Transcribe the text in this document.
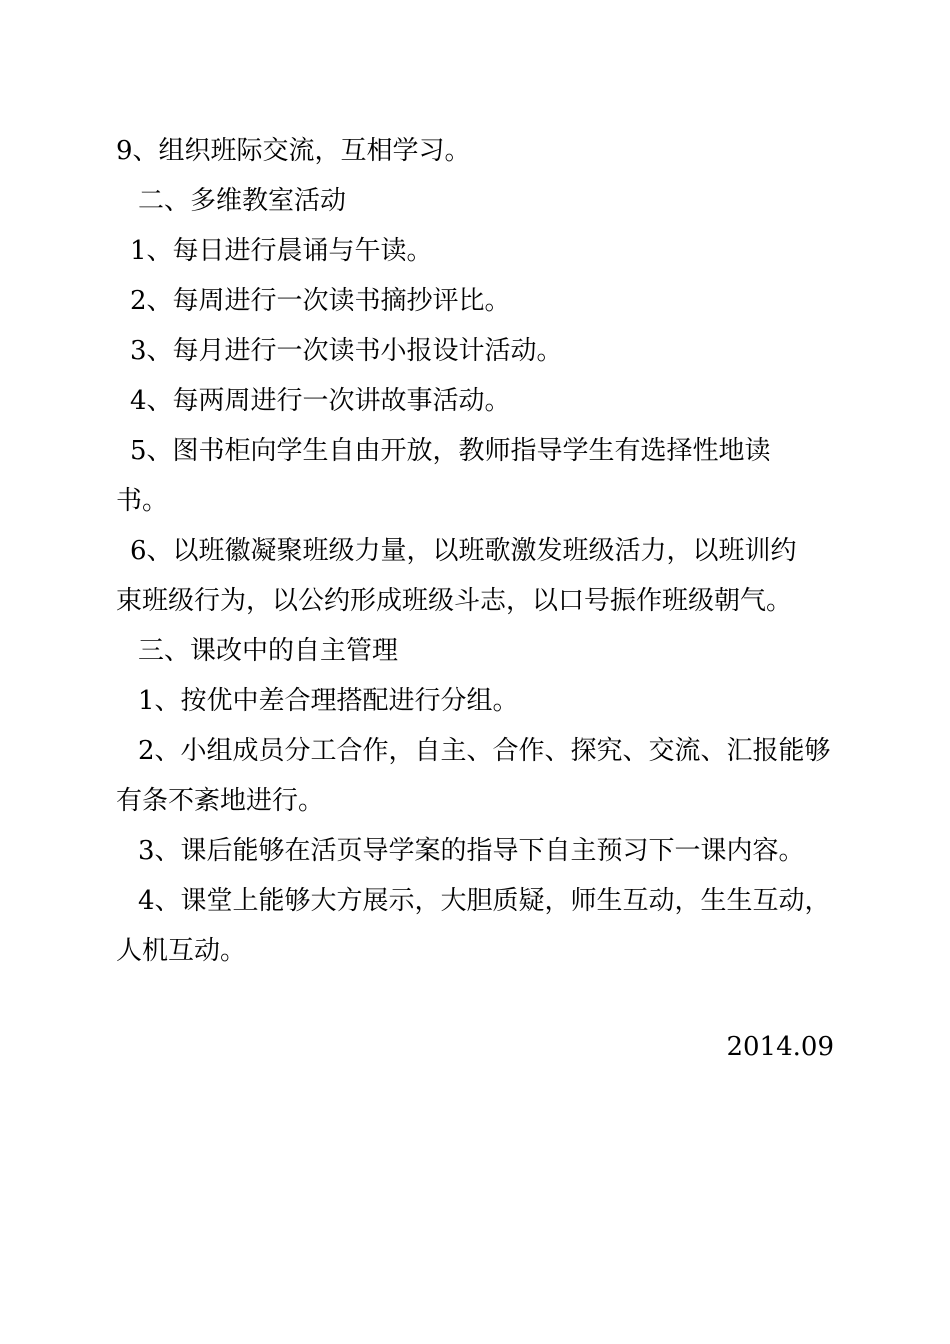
9、组织班际交流，互相学习。
二、多维教室活动
1、每日进行晨诵与午读。
2、每周进行一次读书摘抄评比。
3、每月进行一次读书小报设计活动。
4、每两周进行一次讲故事活动。
5、图书柜向学生自由开放，教师指导学生有选择性地读
书。
6、以班徽凝聚班级力量，以班歌激发班级活力，以班训约
束班级行为，以公约形成班级斗志，以口号振作班级朝气。
三、课改中的自主管理
1、按优中差合理搭配进行分组。
2、小组成员分工合作，自主、合作、探究、交流、汇报能够
有条不紊地进行。
3、课后能够在活页导学案的指导下自主预习下一课内容。
4、课堂上能够大方展示，大胆质疑，师生互动，生生互动，
人机互动。
2014.09
